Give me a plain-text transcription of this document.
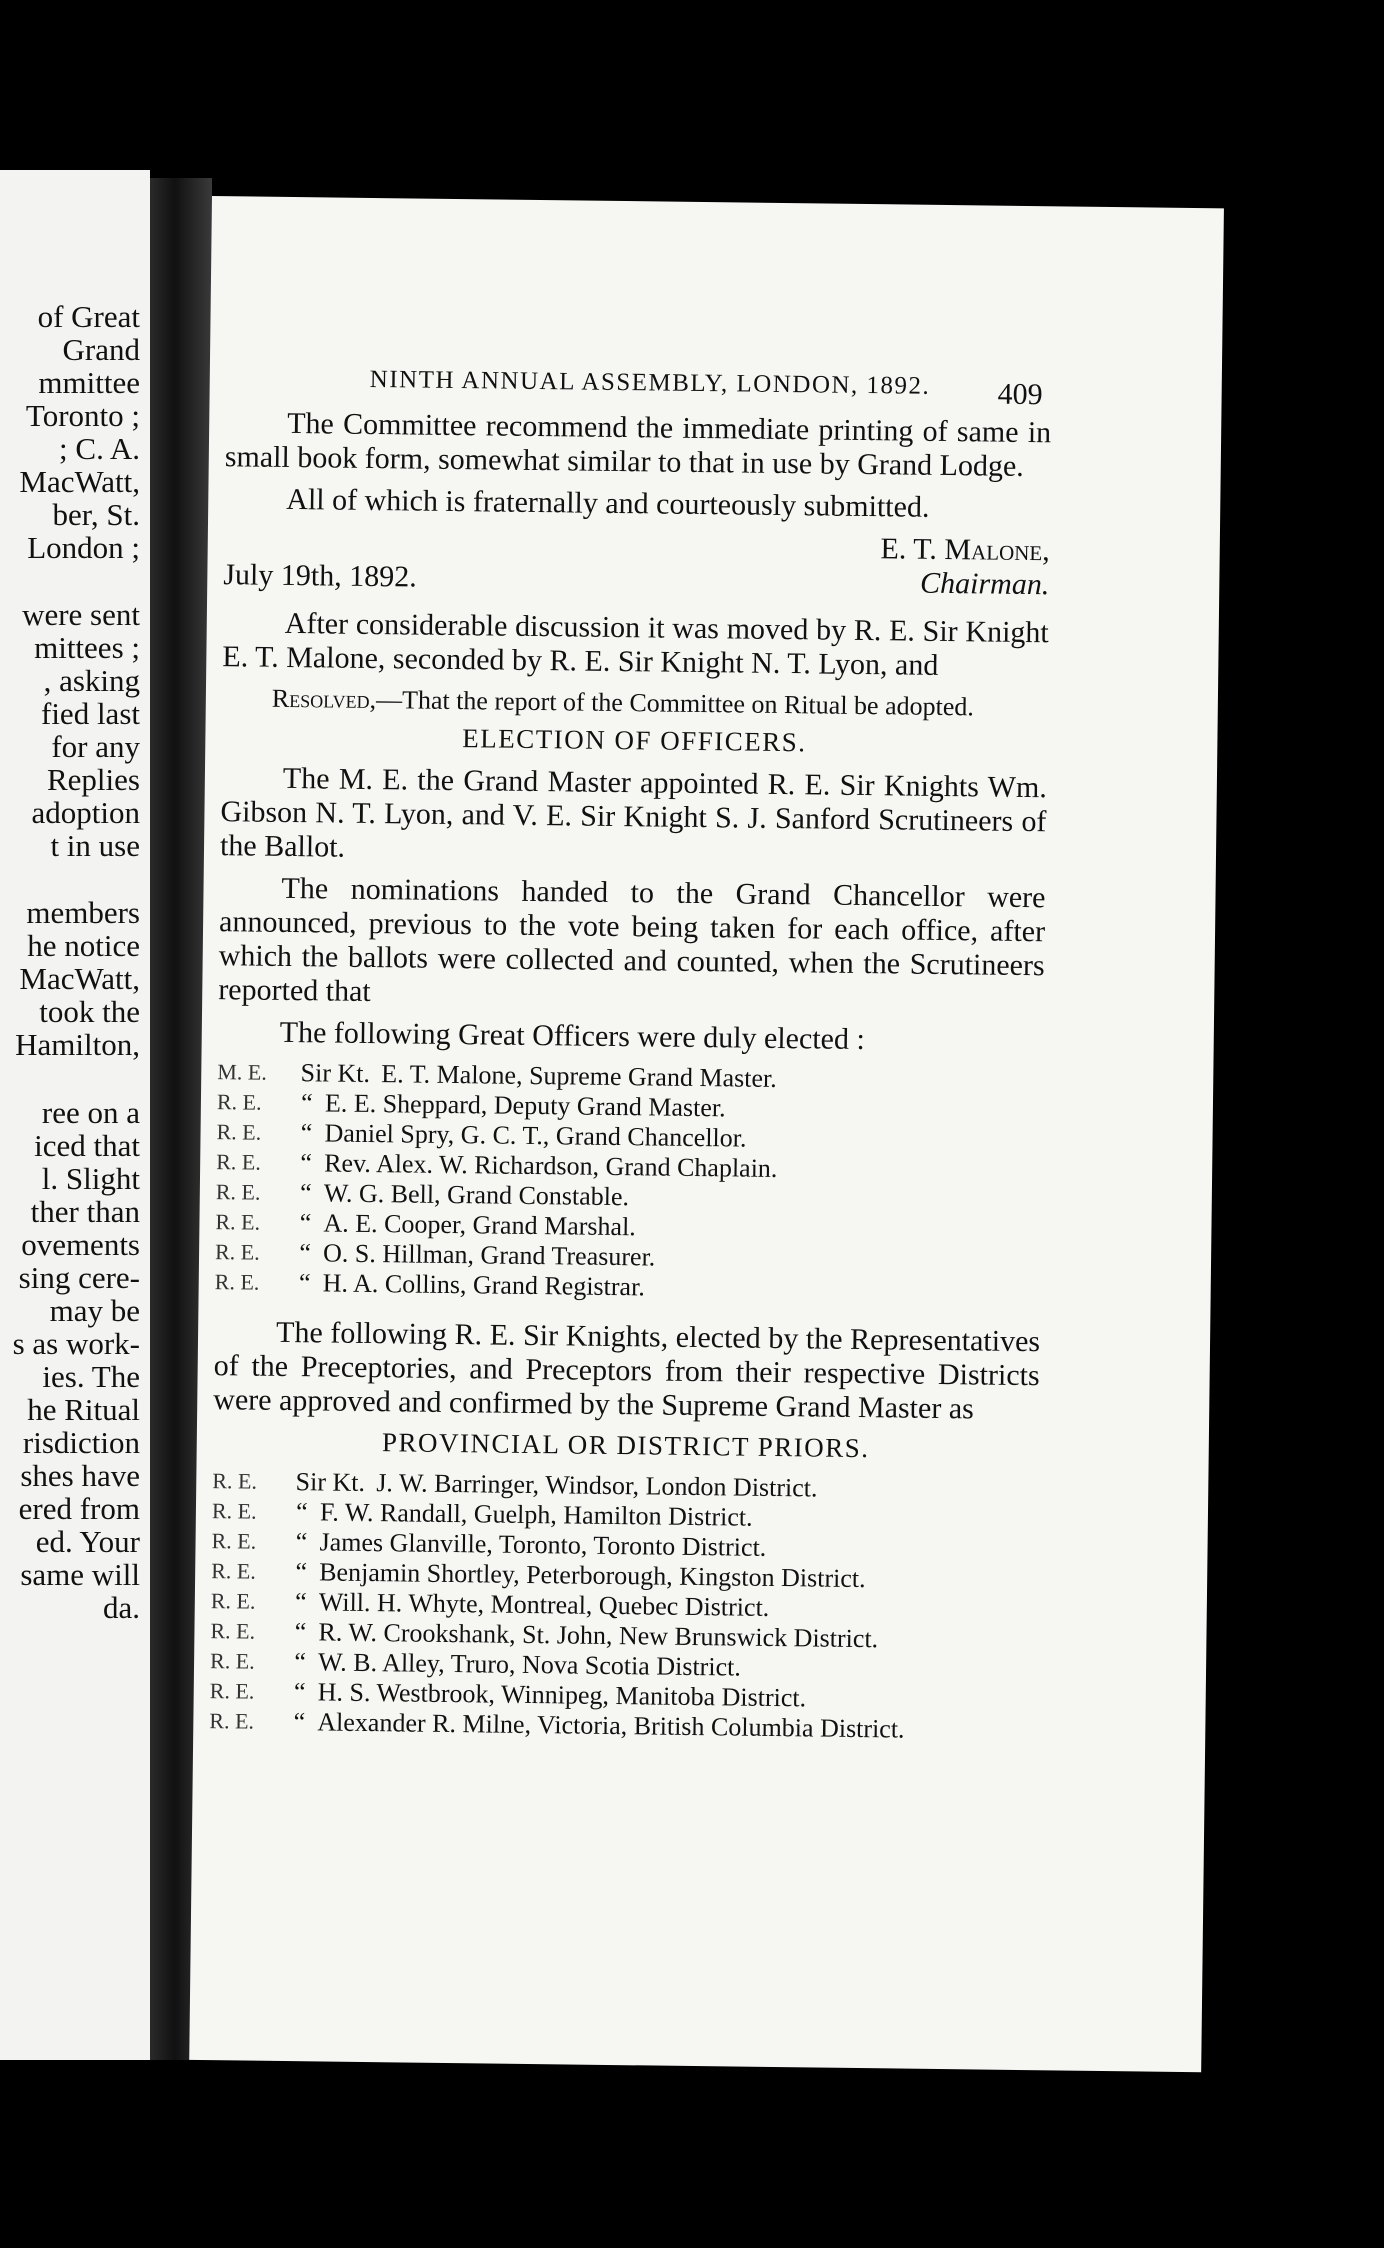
of Great
Grand
mmittee
Toronto ;
; C. A.
MacWatt,
ber, St.
London ;
were sent
mittees ;
, asking
fied last
for any
Replies
adoption
t in use
members
he notice
MacWatt,
took the
Hamilton,
ree on a
iced that
l. Slight
ther than
ovements
sing cere-
may be
s as work-
ies. The
he Ritual
risdiction
shes have
ered from
ed. Your
same will
da.
NINTH ANNUAL ASSEMBLY, LONDON, 1892. 409

The Committee recommend the immediate printing of same in small book form, somewhat similar to that in use by Grand Lodge.

All of which is fraternally and courteously submitted.

E. T. Malone,
Chairman.
July 19th, 1892.

After considerable discussion it was moved by R. E. Sir Knight E. T. Malone, seconded by R. E. Sir Knight N. T. Lyon, and

Resolved,—That the report of the Committee on Ritual be adopted.

ELECTION OF OFFICERS.

The M. E. the Grand Master appointed R. E. Sir Knights Wm. Gibson N. T. Lyon, and V. E. Sir Knight S. J. Sanford Scrutineers of the Ballot.

The nominations handed to the Grand Chancellor were announced, previous to the vote being taken for each office, after which the ballots were collected and counted, when the Scrutineers reported that

The following Great Officers were duly elected :

M. E.	Sir Kt. E. T. Malone, Supreme Grand Master.
R. E.	“ E. E. Sheppard, Deputy Grand Master.
R. E.	“ Daniel Spry, G. C. T., Grand Chancellor.
R. E.	“ Rev. Alex. W. Richardson, Grand Chaplain.
R. E.	“ W. G. Bell, Grand Constable.
R. E.	“ A. E. Cooper, Grand Marshal.
R. E.	“ O. S. Hillman, Grand Treasurer.
R. E.	“ H. A. Collins, Grand Registrar.

The following R. E. Sir Knights, elected by the Representatives of the Preceptories, and Preceptors from their respective Districts were approved and confirmed by the Supreme Grand Master as

PROVINCIAL OR DISTRICT PRIORS.
R. E.	Sir Kt. J. W. Barringer, Windsor, London District.
R. E.	“ F. W. Randall, Guelph, Hamilton District.
R. E.	“ James Glanville, Toronto, Toronto District.
R. E.	“ Benjamin Shortley, Peterborough, Kingston District.
R. E.	“ Will. H. Whyte, Montreal, Quebec District.
R. E.	“ R. W. Crookshank, St. John, New Brunswick District.
R. E.	“ W. B. Alley, Truro, Nova Scotia District.
R. E.	“ H. S. Westbrook, Winnipeg, Manitoba District.
R. E.	“ Alexander R. Milne, Victoria, British Columbia District.
